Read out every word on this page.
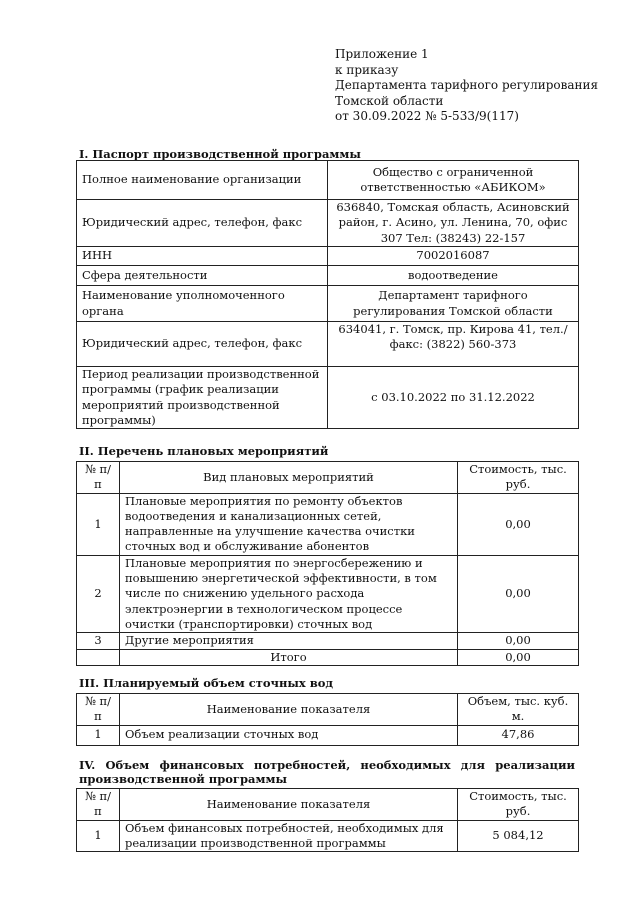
Приложение 1
к приказу
Департамента тарифного регулирования
Томской области
от 30.09.2022 № 5-533/9(117)
I. Паспорт производственной программы
Полное наименование организации	Общество с ограниченной ответственностью «АБИКОМ»
Юридический адрес, телефон, факс	636840, Томская область, Асиновский район, г. Асино, ул. Ленина, 70, офис 307 Тел: (38243) 22-157
ИНН	7002016087
Сфера деятельности	водоотведение
Наименование уполномоченного органа	Департамент тарифного регулирования Томской области
Юридический адрес, телефон, факс	634041, г. Томск, пр. Кирова 41, тел./факс: (3822) 560-373
Период реализации производственной программы (график реализации мероприятий производственной программы)	с 03.10.2022 по 31.12.2022
II. Перечень плановых мероприятий
№ п/п	Вид плановых мероприятий	Стоимость, тыс. руб.
1	Плановые мероприятия по ремонту объектов водоотведения и канализационных сетей, направленные на улучшение качества очистки сточных вод и обслуживание абонентов	0,00
2	Плановые мероприятия по энергосбережению и повышению энергетической эффективности, в том числе по снижению удельного расхода электроэнергии в технологическом процессе очистки (транспортировки) сточных вод	0,00
3	Другие мероприятия	0,00
	Итого	0,00
III. Планируемый объем сточных вод
№ п/п	Наименование показателя	Объем, тыс. куб. м.
1	Объем реализации сточных вод	47,86
IV. Объем финансовых потребностей, необходимых для реализации
производственной программы
№ п/п	Наименование показателя	Стоимость, тыс. руб.
1	Объем финансовых потребностей, необходимых для реализации производственной программы	5 084,12
